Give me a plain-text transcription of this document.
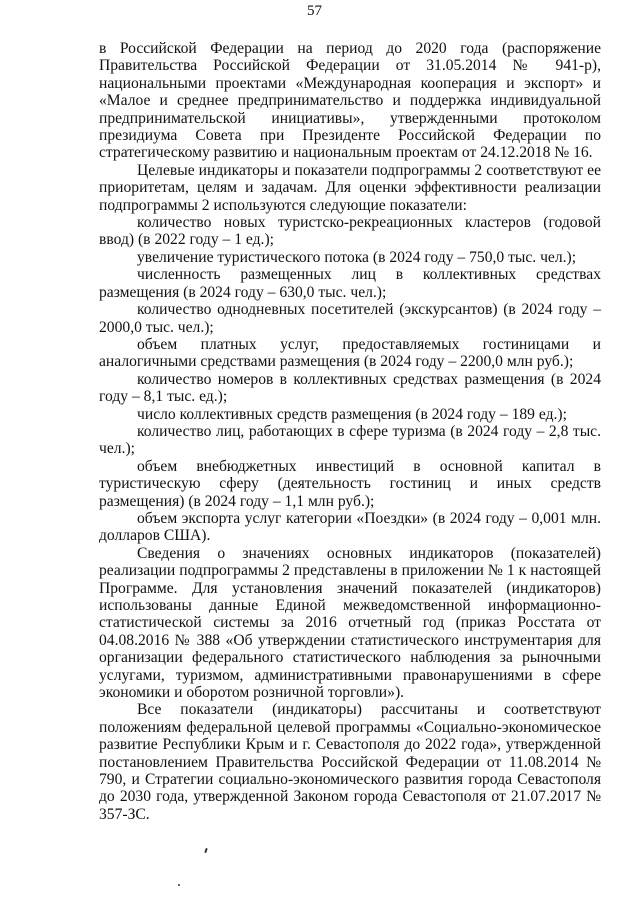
57

в Российской Федерации на период до 2020 года (распоряжение Правительства Российской Федерации от 31.05.2014 № 941-р), национальными проектами «Международная кооперация и экспорт» и «Малое и среднее предпринимательство и поддержка индивидуальной предпринимательской инициативы», утвержденными протоколом президиума Совета при Президенте Российской Федерации по стратегическому развитию и национальным проектам от 24.12.2018 № 16.

Целевые индикаторы и показатели подпрограммы 2 соответствуют ее приоритетам, целям и задачам. Для оценки эффективности реализации подпрограммы 2 используются следующие показатели:

количество новых туристско-рекреационных кластеров (годовой ввод) (в 2022 году – 1 ед.);

увеличение туристического потока (в 2024 году – 750,0 тыс. чел.);

численность размещенных лиц в коллективных средствах размещения (в 2024 году – 630,0 тыс. чел.);

количество однодневных посетителей (экскурсантов) (в 2024 году – 2000,0 тыс. чел.);

объем платных услуг, предоставляемых гостиницами и аналогичными средствами размещения (в 2024 году – 2200,0 млн руб.);

количество номеров в коллективных средствах размещения (в 2024 году – 8,1 тыс. ед.);

число коллективных средств размещения (в 2024 году – 189 ед.);

количество лиц, работающих в сфере туризма (в 2024 году – 2,8 тыс. чел.);

объем внебюджетных инвестиций в основной капитал в туристическую сферу (деятельность гостиниц и иных средств размещения) (в 2024 году – 1,1 млн руб.);

объем экспорта услуг категории «Поездки» (в 2024 году – 0,001 млн. долларов США).

Сведения о значениях основных индикаторов (показателей) реализации подпрограммы 2 представлены в приложении № 1 к настоящей Программе. Для установления значений показателей (индикаторов) использованы данные Единой межведомственной информационно-статистической системы за 2016 отчетный год (приказ Росстата от 04.08.2016 № 388 «Об утверждении статистического инструментария для организации федерального статистического наблюдения за рыночными услугами, туризмом, административными правонарушениями в сфере экономики и оборотом розничной торговли»).

Все показатели (индикаторы) рассчитаны и соответствуют положениям федеральной целевой программы «Социально-экономическое развитие Республики Крым и г. Севастополя до 2022 года», утвержденной постановлением Правительства Российской Федерации от 11.08.2014 № 790, и Стратегии социально-экономического развития города Севастополя до 2030 года, утвержденной Законом города Севастополя от 21.07.2017 № 357-ЗС.
